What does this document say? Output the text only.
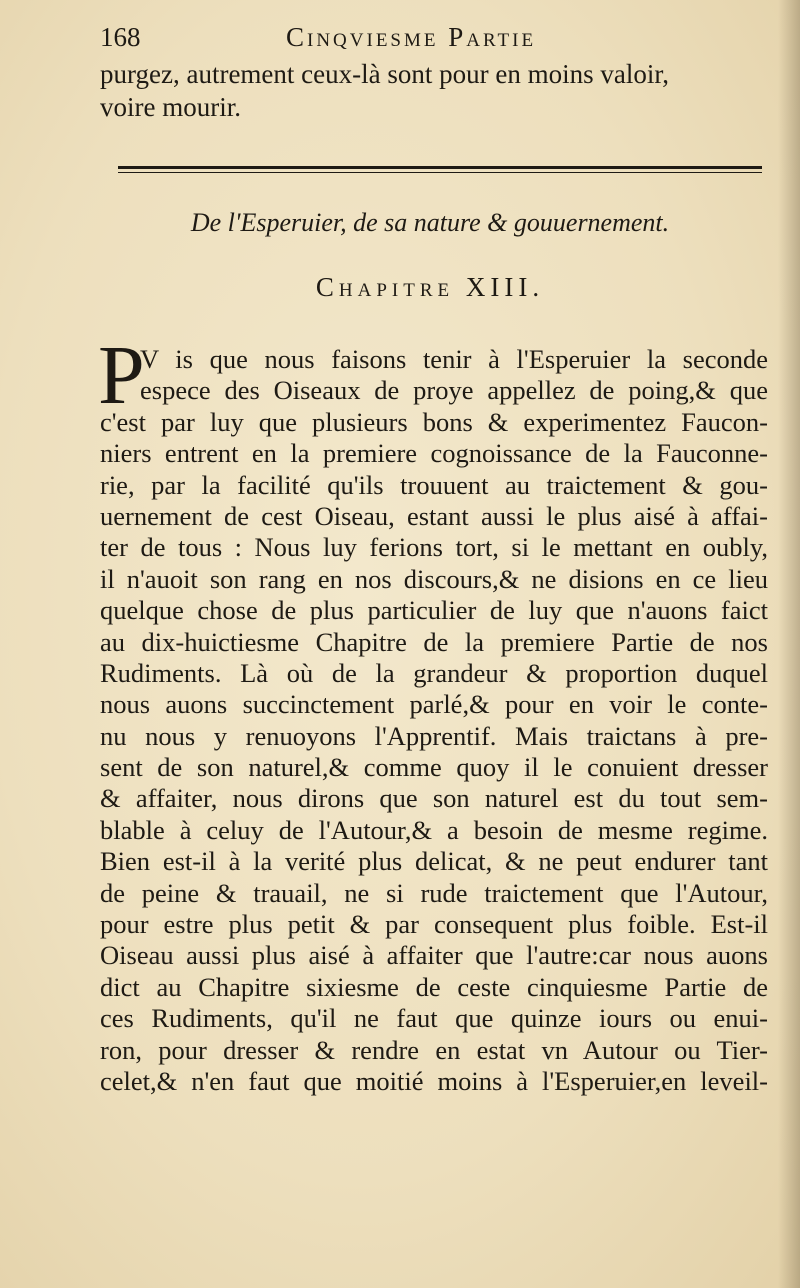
168	Cinqviesme Partie
purgez, autrement ceux-là sont pour en moins valoir,
voire mourir.
De l'Esperuier, de sa nature & gouuernement.
Chapitre XIII.
P
V is que nous faisons tenir à l'Esperuier la seconde
espece des Oiseaux de proye appellez de poing,& que
c'est par luy que plusieurs bons & experimentez Faucon-
niers entrent en la premiere cognoissance de la Fauconne-
rie, par la facilité qu'ils trouuent au traictement & gou-
uernement de cest Oiseau, estant aussi le plus aisé à affai-
ter de tous : Nous luy ferions tort, si le mettant en oubly,
il n'auoit son rang en nos discours,& ne disions en ce lieu
quelque chose de plus particulier de luy que n'auons faict
au dix-huictiesme Chapitre de la premiere Partie de nos
Rudiments. Là où de la grandeur & proportion duquel
nous auons succinctement parlé,& pour en voir le conte-
nu nous y renuoyons l'Apprentif. Mais traictans à pre-
sent de son naturel,& comme quoy il le conuient dresser
& affaiter, nous dirons que son naturel est du tout sem-
blable à celuy de l'Autour,& a besoin de mesme regime.
Bien est-il à la verité plus delicat, & ne peut endurer tant
de peine & trauail, ne si rude traictement que l'Autour,
pour estre plus petit & par consequent plus foible. Est-il
Oiseau aussi plus aisé à affaiter que l'autre:car nous auons
dict au Chapitre sixiesme de ceste cinquiesme Partie de
ces Rudiments, qu'il ne faut que quinze iours ou enui-
ron, pour dresser & rendre en estat vn Autour ou Tier-
celet,& n'en faut que moitié moins à l'Esperuier,en leveil-
